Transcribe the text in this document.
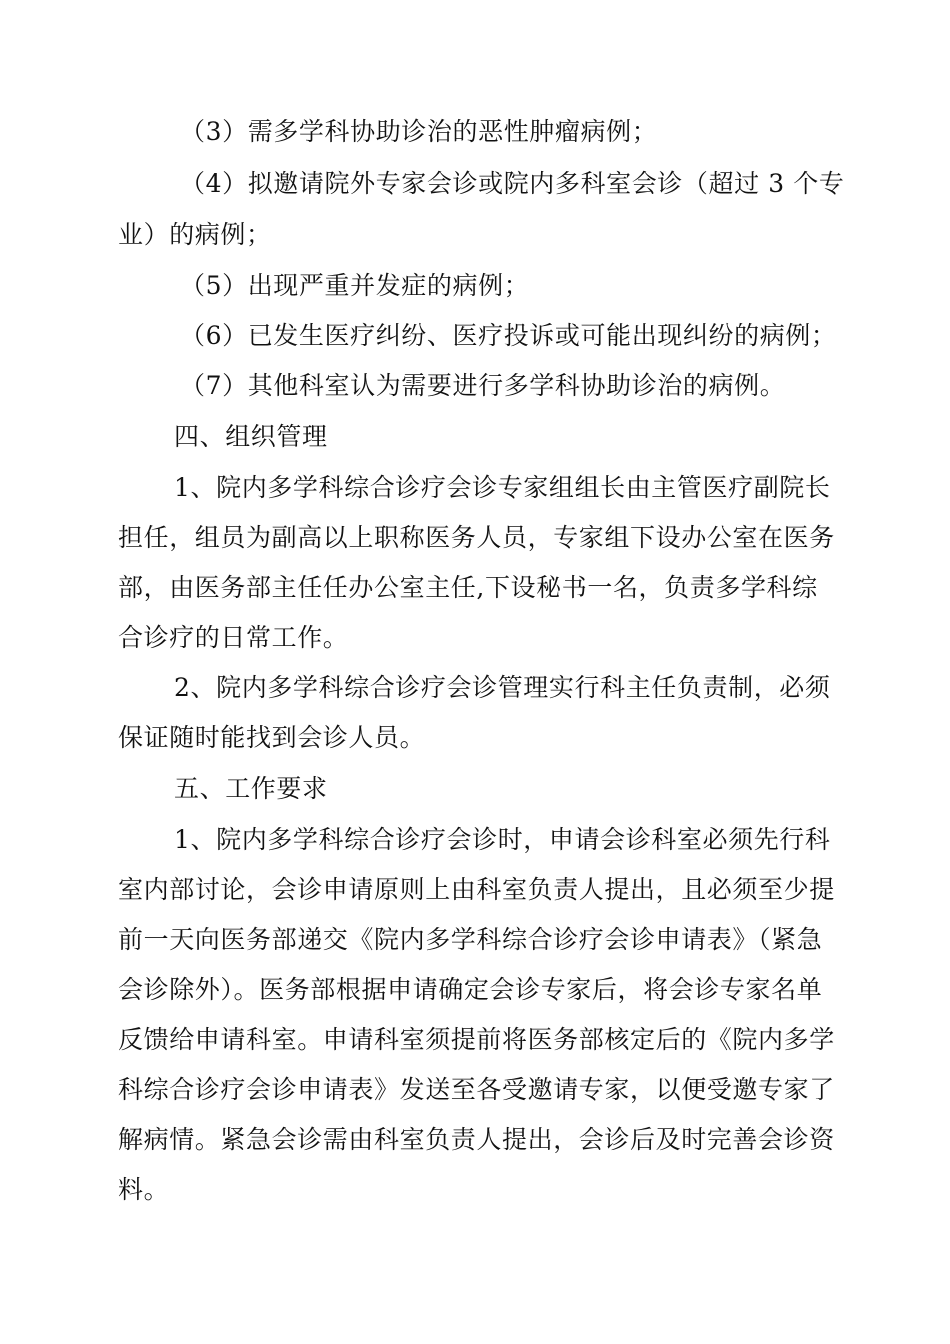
（3）需多学科协助诊治的恶性肿瘤病例；
（4）拟邀请院外专家会诊或院内多科室会诊（超过 3 个专
业）的病例；
（5）出现严重并发症的病例；
（6）已发生医疗纠纷、医疗投诉或可能出现纠纷的病例；
（7）其他科室认为需要进行多学科协助诊治的病例。
四、组织管理
1、院内多学科综合诊疗会诊专家组组长由主管医疗副院长
担任，组员为副高以上职称医务人员，专家组下设办公室在医务
部，由医务部主任任办公室主任,下设秘书一名，负责多学科综
合诊疗的日常工作。
2、院内多学科综合诊疗会诊管理实行科主任负责制，必须
保证随时能找到会诊人员。
五、工作要求
1、院内多学科综合诊疗会诊时，申请会诊科室必须先行科
室内部讨论，会诊申请原则上由科室负责人提出，且必须至少提
前一天向医务部递交《院内多学科综合诊疗会诊申请表》（紧急
会诊除外）。医务部根据申请确定会诊专家后，将会诊专家名单
反馈给申请科室。申请科室须提前将医务部核定后的《院内多学
科综合诊疗会诊申请表》发送至各受邀请专家，以便受邀专家了
解病情。紧急会诊需由科室负责人提出，会诊后及时完善会诊资
料。
